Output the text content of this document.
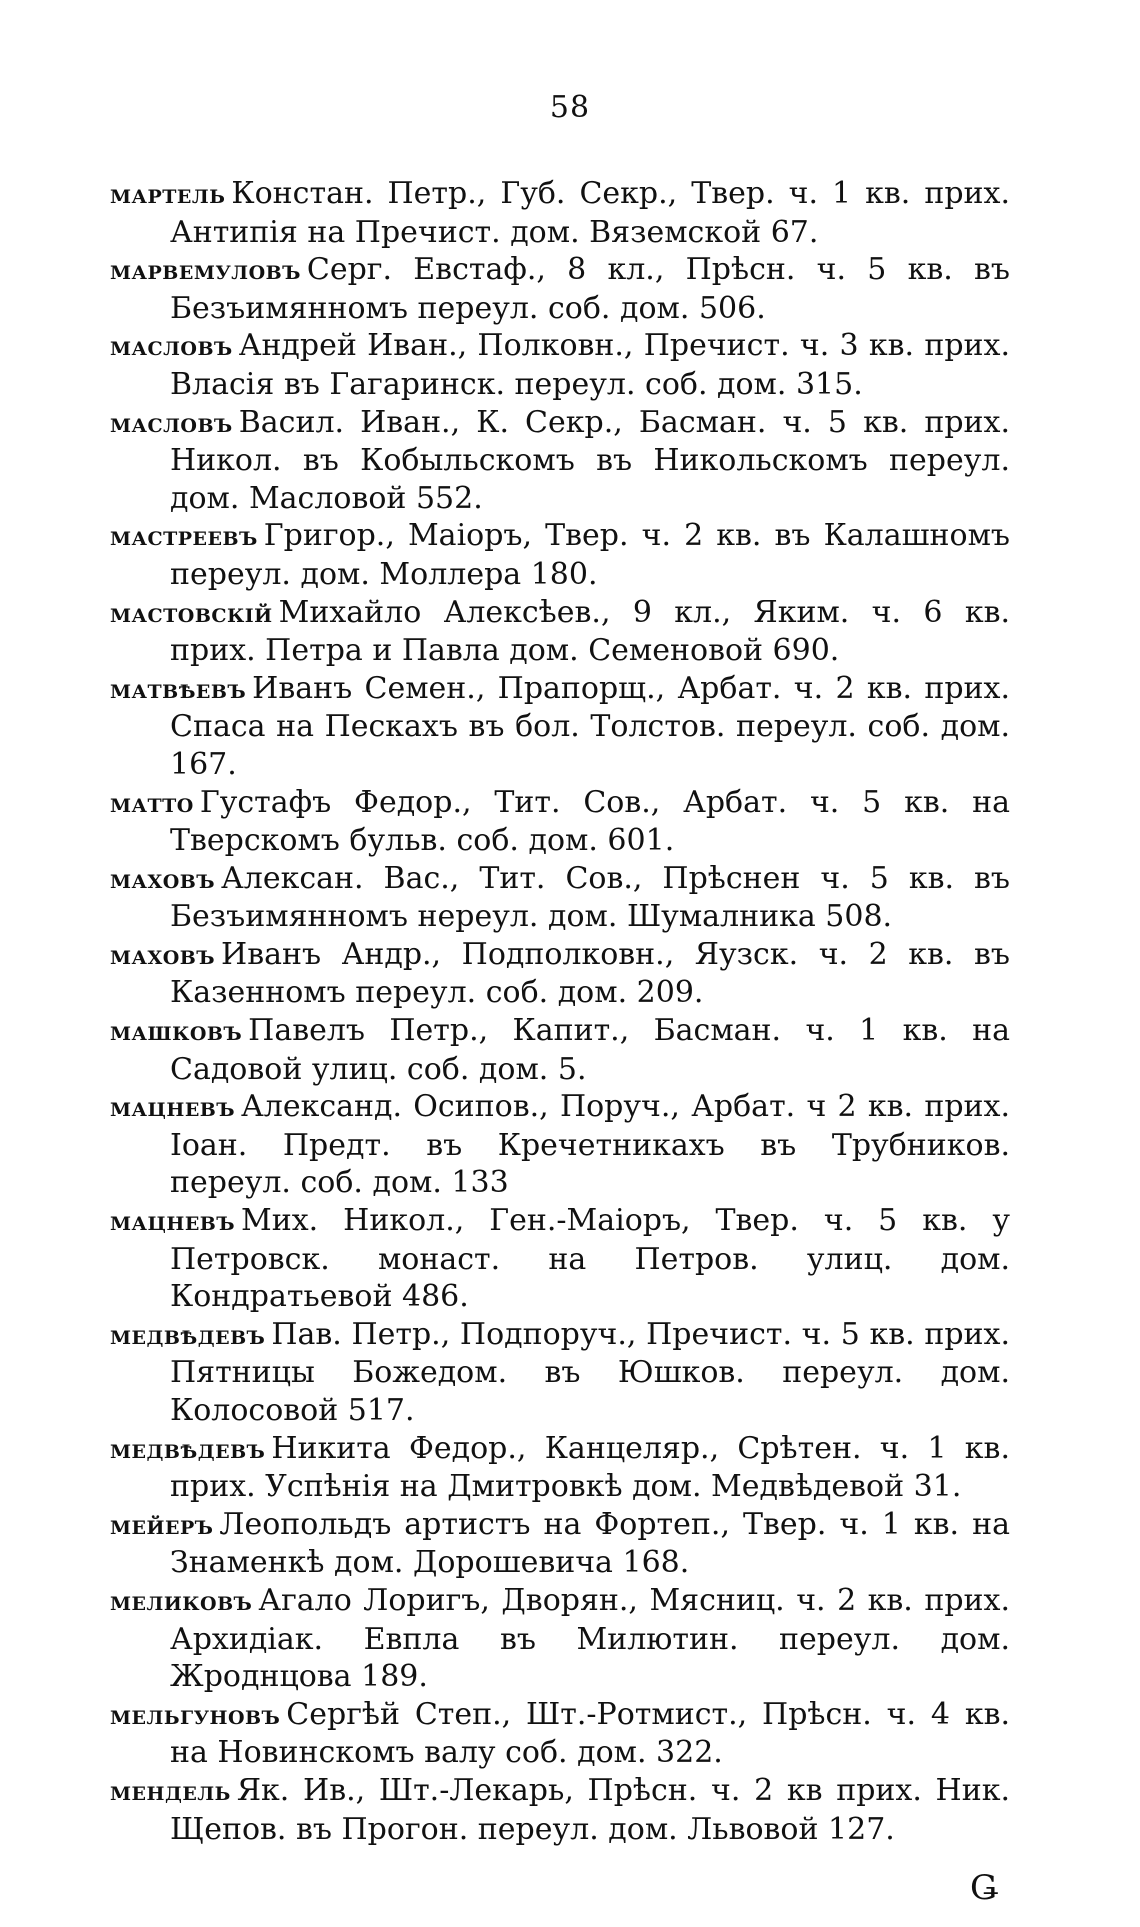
58
мартель Констан. Петр., Губ. Секр., Твер. ч. 1 кв. прих. Антипія на Пречист. дом. Вяземской 67.
марвемуловъ Серг. Евстаф., 8 кл., Прѣсн. ч. 5 кв. въ Безъимянномъ переул. соб. дом. 506.
масловъ Андрей Иван., Полковн., Пречист. ч. 3 кв. прих. Власія въ Гагаринск. переул. соб. дом. 315.
масловъ Васил. Иван., К. Секр., Басман. ч. 5 кв. прих. Никол. въ Кобыльскомъ въ Никольскомъ переул. дом. Масловой 552.
мастреевъ Григор., Маіоръ, Твер. ч. 2 кв. въ Калашномъ переул. дом. Моллера 180.
мастовскій Михайло Алексѣев., 9 кл., Яким. ч. 6 кв. прих. Петра и Павла дом. Семеновой 690.
матвѣевъ Иванъ Семен., Прапорщ., Арбат. ч. 2 кв. прих. Спаса на Пескахъ въ бол. Толстов. переул. соб. дом. 167.
матто Густафъ Федор., Тит. Сов., Арбат. ч. 5 кв. на Тверскомъ бульв. соб. дом. 601.
маховъ Алексан. Вас., Тит. Сов., Прѣснен ч. 5 кв. въ Безъимянномъ нереул. дом. Шумалника 508.
маховъ Иванъ Андр., Подполковн., Яузск. ч. 2 кв. въ Казенномъ переул. соб. дом. 209.
машковъ Павелъ Петр., Капит., Басман. ч. 1 кв. на Садовой улиц. соб. дом. 5.
мацневъ Александ. Осипов., Поруч., Арбат. ч 2 кв. прих. Іоан. Предт. въ Кречетникахъ въ Трубников. переул. соб. дом. 133
мацневъ Мих. Никол., Ген.-Маіоръ, Твер. ч. 5 кв. у Петровск. монаст. на Петров. улиц. дом. Кондратьевой 486.
медвѣдевъ Пав. Петр., Подпоруч., Пречист. ч. 5 кв. прих. Пятницы Божедом. въ Юшков. переул. дом. Колосовой 517.
медвѣдевъ Никита Федор., Канцеляр., Срѣтен. ч. 1 кв. прих. Успѣнія на Дмитровкѣ дом. Медвѣдевой 31.
мейеръ Леопольдъ артистъ на Фортеп., Твер. ч. 1 кв. на Знаменкѣ дом. Дорошевича 168.
меликовъ Агало Лоригъ, Дворян., Мясниц. ч. 2 кв. прих. Архидіак. Евпла въ Милютин. переул. дом. Жроднцова 189.
мельгуновъ Сергѣй Степ., Шт.-Ротмист., Прѣсн. ч. 4 кв. на Новинскомъ валу соб. дом. 322.
мендель Як. Ив., Шт.-Лекарь, Прѣсн. ч. 2 кв прих. Ник. Щепов. въ Прогон. переул. дом. Львовой 127.
Ǥ
